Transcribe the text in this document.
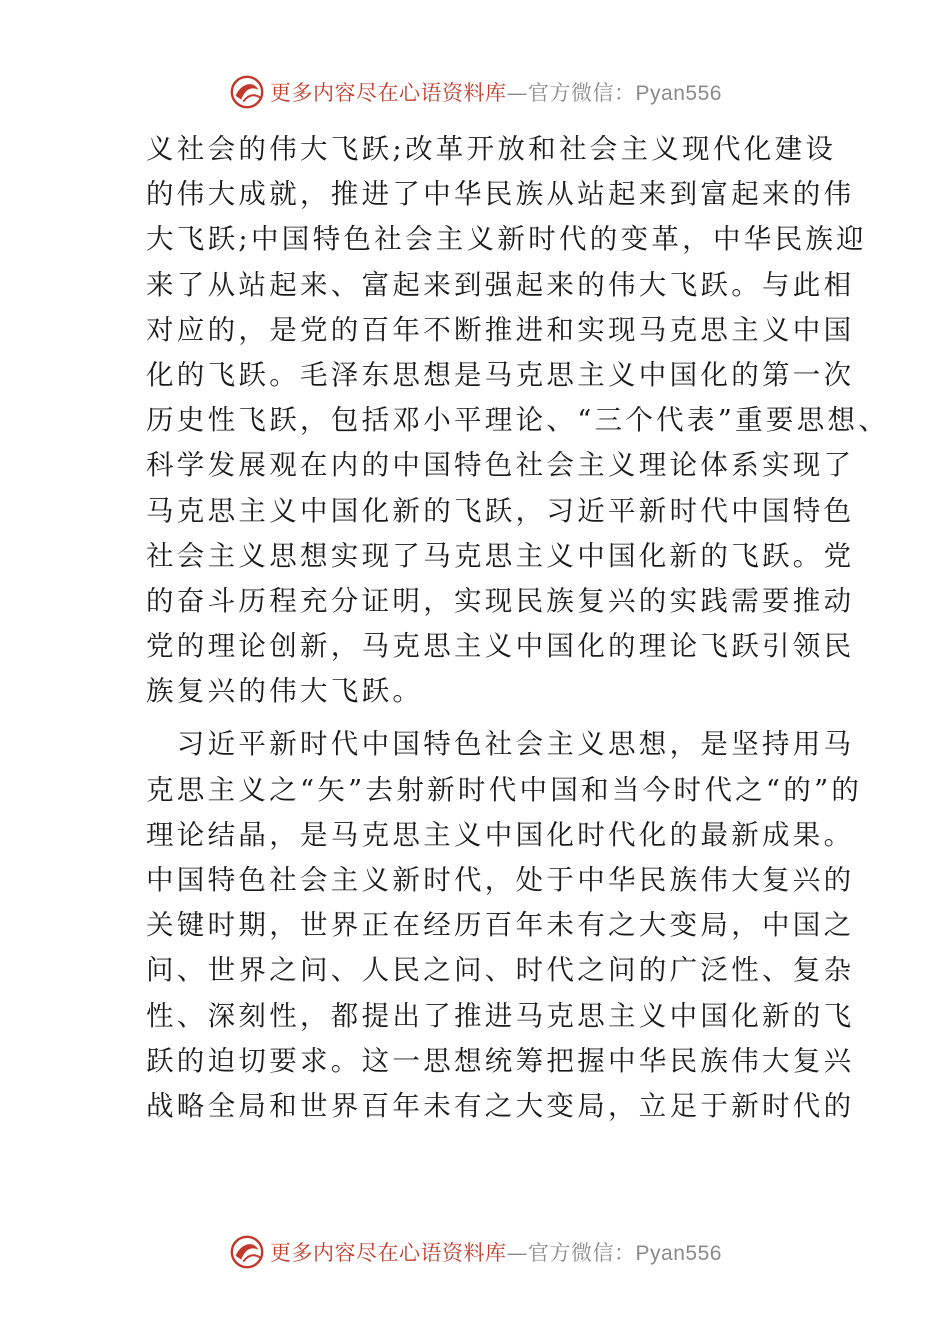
更多内容尽在心语资料库—官方微信：Pyan556
义社会的伟大飞跃;改革开放和社会主义现代化建设
的伟大成就，推进了中华民族从站起来到富起来的伟
大飞跃;中国特色社会主义新时代的变革，中华民族迎
来了从站起来、富起来到强起来的伟大飞跃。与此相
对应的，是党的百年不断推进和实现马克思主义中国
化的飞跃。毛泽东思想是马克思主义中国化的第一次
历史性飞跃，包括邓小平理论、“三个代表”重要思想、
科学发展观在内的中国特色社会主义理论体系实现了
马克思主义中国化新的飞跃，习近平新时代中国特色
社会主义思想实现了马克思主义中国化新的飞跃。党
的奋斗历程充分证明，实现民族复兴的实践需要推动
党的理论创新，马克思主义中国化的理论飞跃引领民
族复兴的伟大飞跃。
　习近平新时代中国特色社会主义思想，是坚持用马
克思主义之“矢”去射新时代中国和当今时代之“的”的
理论结晶，是马克思主义中国化时代化的最新成果。
中国特色社会主义新时代，处于中华民族伟大复兴的
关键时期，世界正在经历百年未有之大变局，中国之
问、世界之问、人民之问、时代之问的广泛性、复杂
性、深刻性，都提出了推进马克思主义中国化新的飞
跃的迫切要求。这一思想统筹把握中华民族伟大复兴
战略全局和世界百年未有之大变局，立足于新时代的
更多内容尽在心语资料库—官方微信：Pyan556
